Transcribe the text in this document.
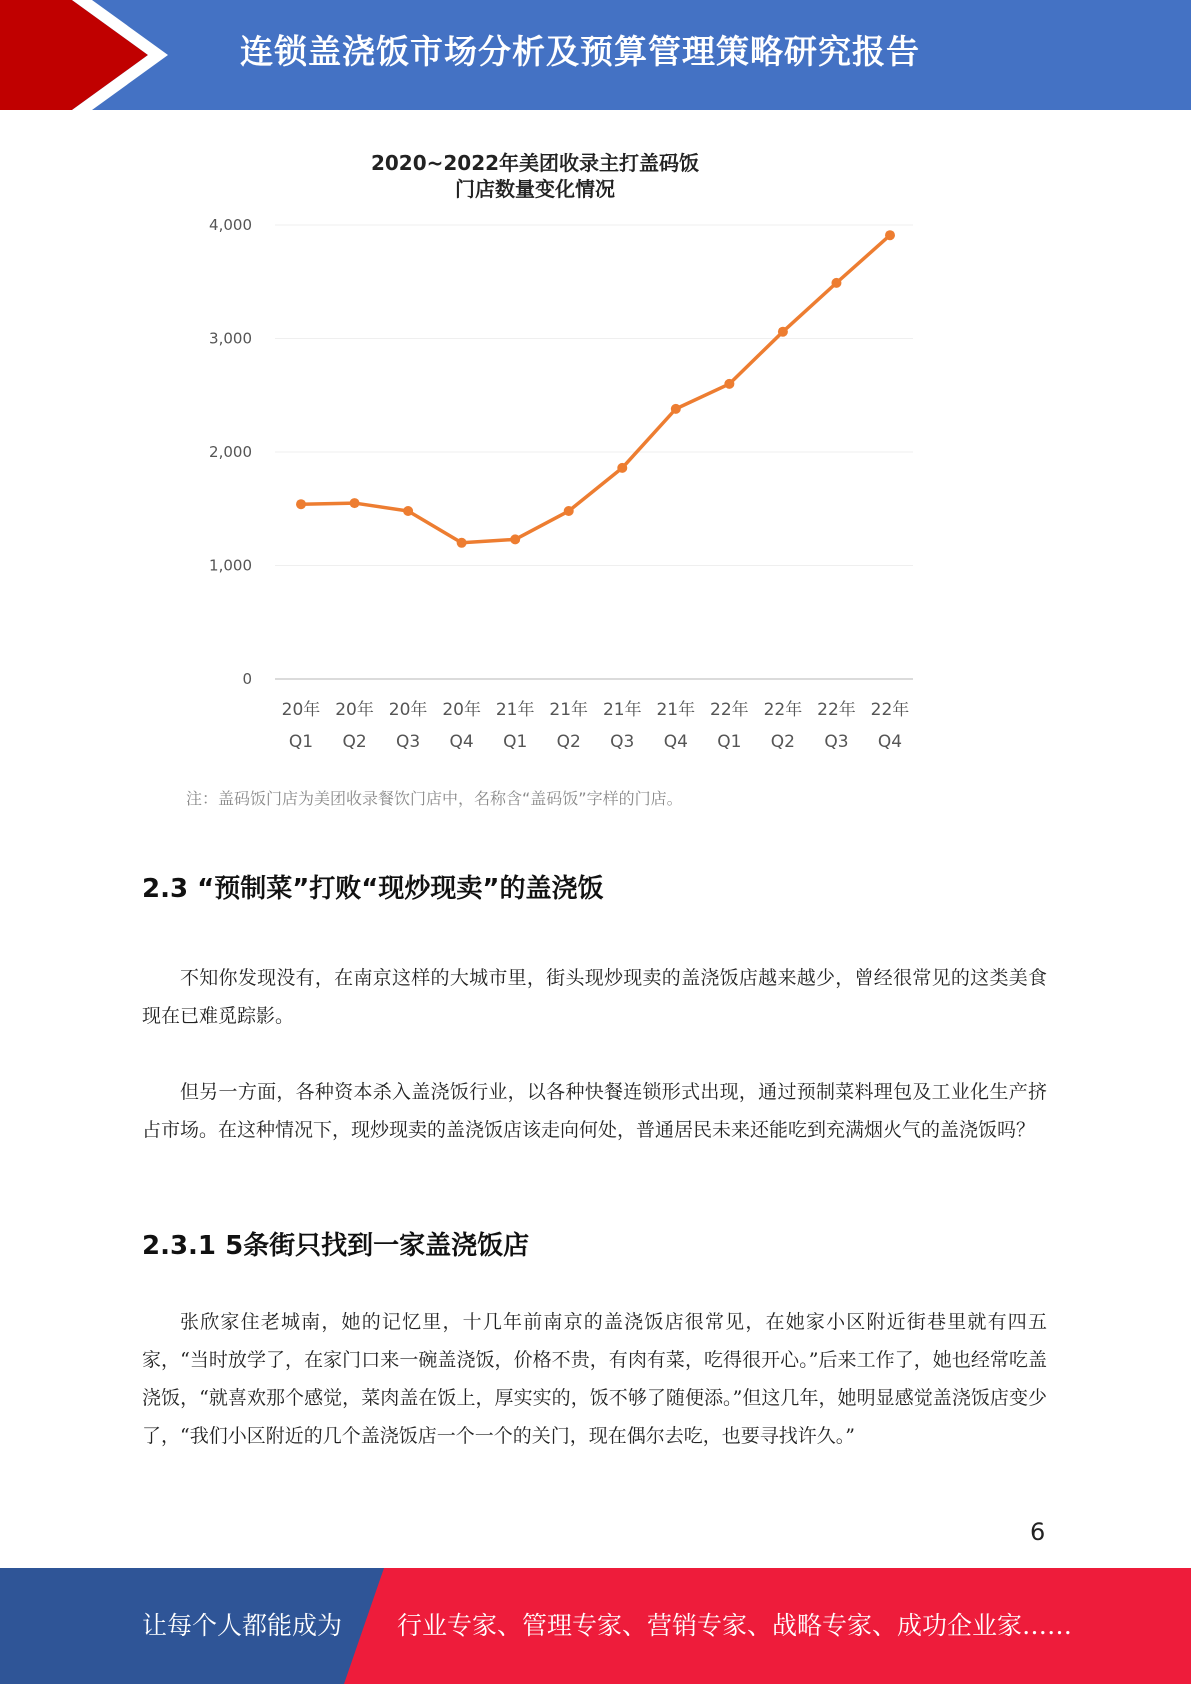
连锁盖浇饭市场分析及预算管理策略研究报告
2020~2022年美团收录主打盖码饭
门店数量变化情况
0
1,000
2,000
3,000
4,000
20年
Q1
20年
Q2
20年
Q3
20年
Q4
21年
Q1
21年
Q2
21年
Q3
21年
Q4
22年
Q1
22年
Q2
22年
Q3
22年
Q4
注：盖码饭门店为美团收录餐饮门店中，名称含“盖码饭”字样的门店。
2.3 “预制菜”打败“现炒现卖”的盖浇饭

不知你发现没有，在南京这样的大城市里，街头现炒现卖的盖浇饭店越来越少，曾经很常见的这类美食现在已难觅踪影。

但另一方面，各种资本杀入盖浇饭行业，以各种快餐连锁形式出现，通过预制菜料理包及工业化生产挤占市场。在这种情况下，现炒现卖的盖浇饭店该走向何处，普通居民未来还能吃到充满烟火气的盖浇饭吗？

2.3.1 5条街只找到一家盖浇饭店

张欣家住老城南，她的记忆里，十几年前南京的盖浇饭店很常见，在她家小区附近街巷里就有四五家，“当时放学了，在家门口来一碗盖浇饭，价格不贵，有肉有菜，吃得很开心。”后来工作了，她也经常吃盖浇饭，“就喜欢那个感觉，菜肉盖在饭上，厚实实的，饭不够了随便添。”但这几年，她明显感觉盖浇饭店变少了，“我们小区附近的几个盖浇饭店一个一个的关门，现在偶尔去吃，也要寻找许久。”

6
让每个人都能成为 行业专家、管理专家、营销专家、战略专家、成功企业家……
